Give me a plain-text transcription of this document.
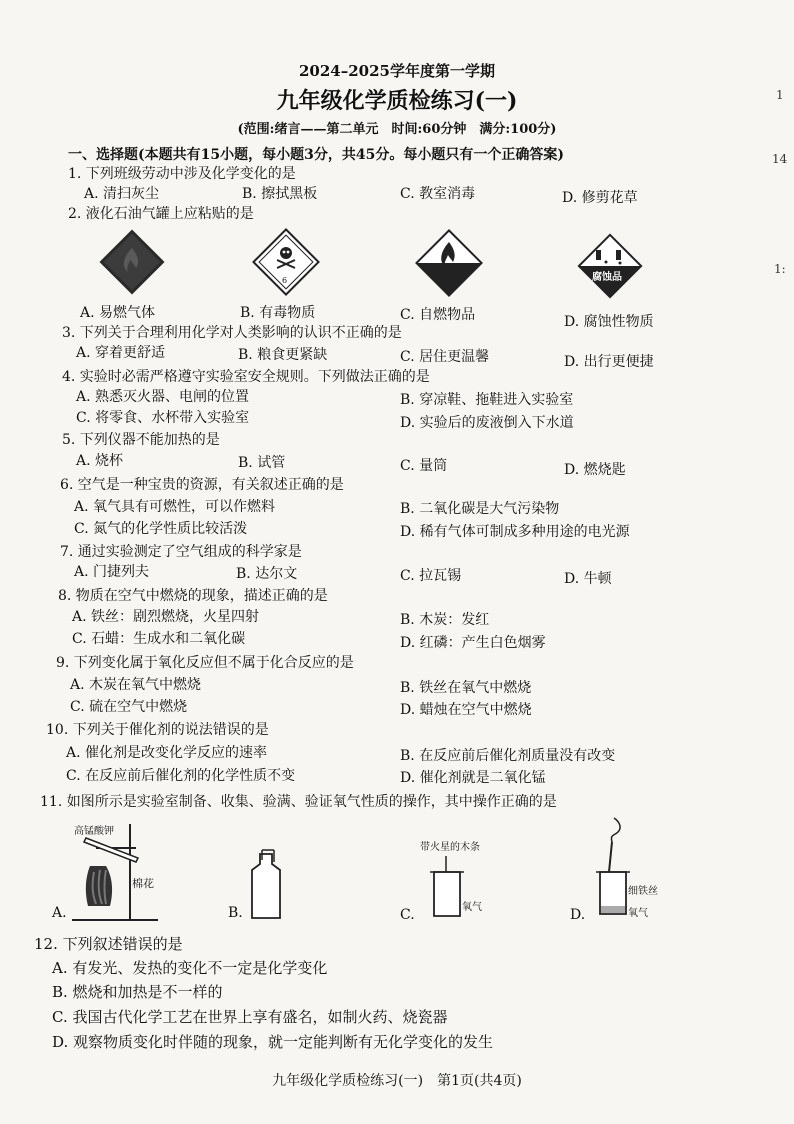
2024–2025学年度第一学期
九年级化学质检练习(一)
(范围:绪言——第二单元　时间:60分钟　满分:100分)
1
14
1:
一、选择题(本题共有15小题，每小题3分，共45分。每小题只有一个正确答案)
1. 下列班级劳动中涉及化学变化的是
A. 清扫灰尘	B. 擦拭黑板	C. 教室消毒	D. 修剪花草
2. 液化石油气罐上应粘贴的是
6	腐蚀品
A. 易燃气体	B. 有毒物质	C. 自燃物品	D. 腐蚀性物质
3. 下列关于合理利用化学对人类影响的认识不正确的是
A. 穿着更舒适	B. 粮食更紧缺	C. 居住更温馨	D. 出行更便捷
4. 实验时必需严格遵守实验室安全规则。下列做法正确的是
A. 熟悉灭火器、电闸的位置	B. 穿凉鞋、拖鞋进入实验室
C. 将零食、水杯带入实验室	D. 实验后的废液倒入下水道
5. 下列仪器不能加热的是
A. 烧杯	B. 试管	C. 量筒	D. 燃烧匙
6. 空气是一种宝贵的资源，有关叙述正确的是
A. 氧气具有可燃性，可以作燃料	B. 二氧化碳是大气污染物
C. 氮气的化学性质比较活泼	D. 稀有气体可制成多种用途的电光源
7. 通过实验测定了空气组成的科学家是
A. 门捷列夫	B. 达尔文	C. 拉瓦锡	D. 牛顿
8. 物质在空气中燃烧的现象，描述正确的是
A. 铁丝：剧烈燃烧，火星四射	B. 木炭：发红
C. 石蜡：生成水和二氧化碳	D. 红磷：产生白色烟雾
9. 下列变化属于氧化反应但不属于化合反应的是
A. 木炭在氧气中燃烧	B. 铁丝在氧气中燃烧
C. 硫在空气中燃烧	D. 蜡烛在空气中燃烧
10. 下列关于催化剂的说法错误的是
A. 催化剂是改变化学反应的速率	B. 在反应前后催化剂质量没有改变
C. 在反应前后催化剂的化学性质不变	D. 催化剂就是二氧化锰
11. 如图所示是实验室制备、收集、验满、验证氧气性质的操作，其中操作正确的是
高锰酸钾
棉花
A.	B.
带火星的木条
氧气
C.
细铁丝
氧气
D.
12. 下列叙述错误的是
A. 有发光、发热的变化不一定是化学变化
B. 燃烧和加热是不一样的
C. 我国古代化学工艺在世界上享有盛名，如制火药、烧瓷器
D. 观察物质变化时伴随的现象，就一定能判断有无化学变化的发生
九年级化学质检练习(一)　第1页(共4页)
